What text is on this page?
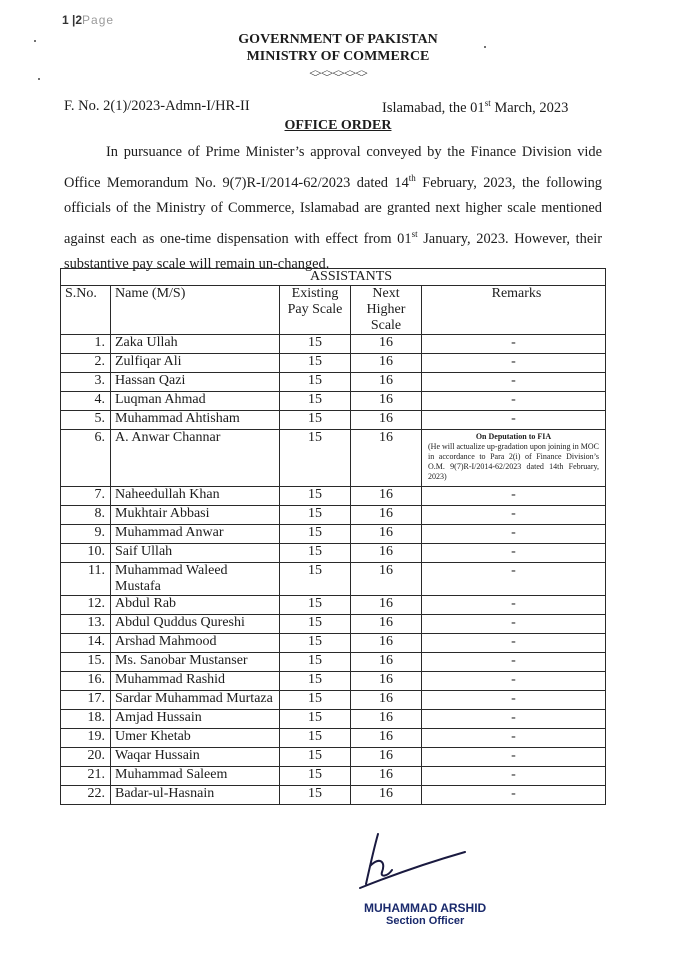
1 |2Page
GOVERNMENT OF PAKISTAN
MINISTRY OF COMMERCE
<><><><><>
F. No. 2(1)/2023-Admn-I/HR-II	Islamabad, the 01st March, 2023
OFFICE ORDER
In pursuance of Prime Minister’s approval conveyed by the Finance Division vide Office Memorandum No. 9(7)R-I/2014-62/2023 dated 14th February, 2023, the following officials of the Ministry of Commerce, Islamabad are granted next higher scale mentioned against each as one-time dispensation with effect from 01st January, 2023. However, their substantive pay scale will remain un-changed.
ASSISTANTS				
S.No.	Name (M/S)	Existing Pay Scale	Next Higher Scale	Remarks
1.	Zaka Ullah	15	16	-
2.	Zulfiqar Ali	15	16	-
3.	Hassan Qazi	15	16	-
4.	Luqman Ahmad	15	16	-
5.	Muhammad Ahtisham	15	16	-
6.	A. Anwar Channar	15	16	On Deputation to FIA
(He will actualize up-gradation upon joining in MOC in accordance to Para 2(i) of Finance Division’s O.M. 9(7)R-I/2014-62/2023 dated 14th February, 2023)

7.	Naheedullah Khan	15	16	-
8.	Mukhtair Abbasi	15	16	-
9.	Muhammad Anwar	15	16	-
10.	Saif Ullah	15	16	-
11.	Muhammad Waleed Mustafa	15	16	-
12.	Abdul Rab	15	16	-
13.	Abdul Quddus Qureshi	15	16	-
14.	Arshad Mahmood	15	16	-
15.	Ms. Sanobar Mustanser	15	16	-
16.	Muhammad Rashid	15	16	-
17.	Sardar Muhammad Murtaza	15	16	-
18.	Amjad Hussain	15	16	-
19.	Umer Khetab	15	16	-
20.	Waqar Hussain	15	16	-
21.	Muhammad Saleem	15	16	-
22.	Badar-ul-Hasnain	15	16	-
MUHAMMAD ARSHID
Section Officer
